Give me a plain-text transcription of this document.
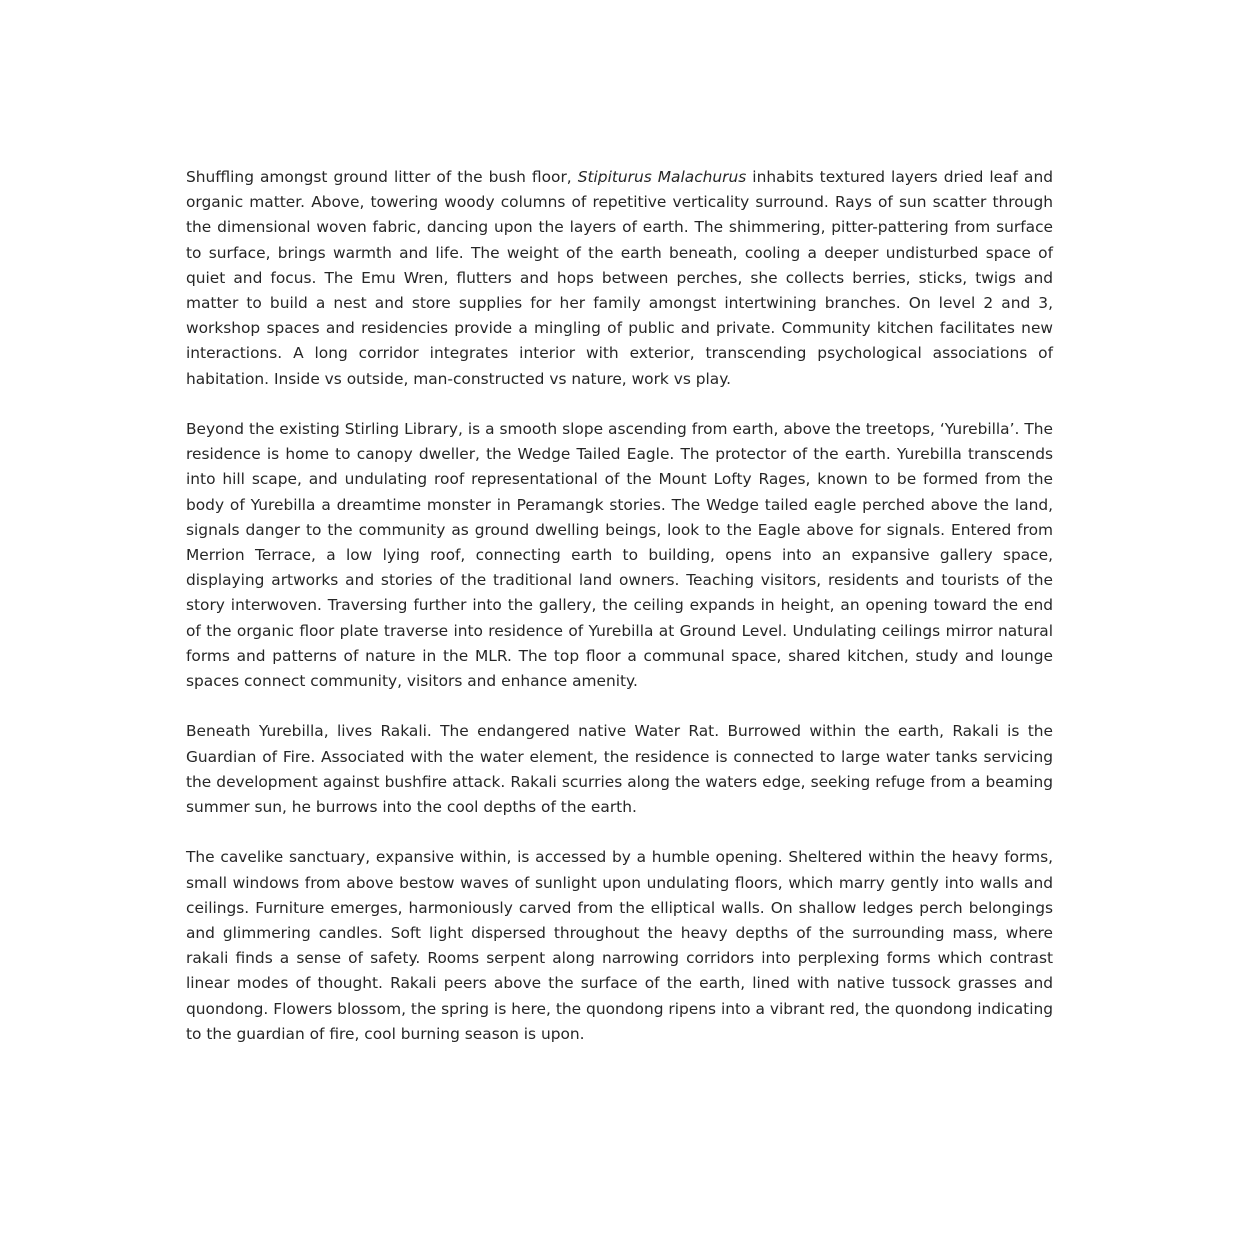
Shuffling amongst ground litter of the bush floor, Stipiturus Malachurus inhabits textured layers dried leaf and organic matter. Above, towering woody columns of repetitive verticality surround. Rays of sun scatter through the dimensional woven fabric, dancing upon the layers of earth. The shimmering, pitter-pattering from surface to surface, brings warmth and life. The weight of the earth beneath, cooling a deeper undisturbed space of quiet and focus. The Emu Wren, flutters and hops between perches, she collects berries, sticks, twigs and matter to build a nest and store supplies for her family amongst intertwining branches. On level 2 and 3, workshop spaces and residencies provide a mingling of public and private. Community kitchen facilitates new interactions. A long corridor integrates interior with exterior, transcending psychological associations of habitation. Inside vs outside, man-constructed vs nature, work vs play.

Beyond the existing Stirling Library, is a smooth slope ascending from earth, above the treetops, ‘Yurebilla’. The residence is home to canopy dweller, the Wedge Tailed Eagle. The protector of the earth. Yurebilla transcends into hill scape, and undulating roof representational of the Mount Lofty Rages, known to be formed from the body of Yurebilla a dreamtime monster in Peramangk stories. The Wedge tailed eagle perched above the land, signals danger to the community as ground dwelling beings, look to the Eagle above for signals. Entered from Merrion Terrace, a low lying roof, connecting earth to building, opens into an expansive gallery space, displaying artworks and stories of the traditional land owners. Teaching visitors, residents and tourists of the story interwoven. Traversing further into the gallery, the ceiling expands in height, an opening toward the end of the organic floor plate traverse into residence of Yurebilla at Ground Level. Undulating ceilings mirror natural forms and patterns of nature in the MLR. The top floor a communal space, shared kitchen, study and lounge spaces connect community, visitors and enhance amenity.

Beneath Yurebilla, lives Rakali. The endangered native Water Rat. Burrowed within the earth, Rakali is the Guardian of Fire. Associated with the water element, the residence is connected to large water tanks servicing the development against bushfire attack. Rakali scurries along the waters edge, seeking refuge from a beaming summer sun, he burrows into the cool depths of the earth.

The cavelike sanctuary, expansive within, is accessed by a humble opening. Sheltered within the heavy forms, small windows from above bestow waves of sunlight upon undulating floors, which marry gently into walls and ceilings. Furniture emerges, harmoniously carved from the elliptical walls. On shallow ledges perch belongings and glimmering candles. Soft light dispersed throughout the heavy depths of the surrounding mass, where rakali finds a sense of safety. Rooms serpent along narrowing corridors into perplexing forms which contrast linear modes of thought. Rakali peers above the surface of the earth, lined with native tussock grasses and quondong. Flowers blossom, the spring is here, the quondong ripens into a vibrant red, the quondong indicating to the guardian of fire, cool burning season is upon.
